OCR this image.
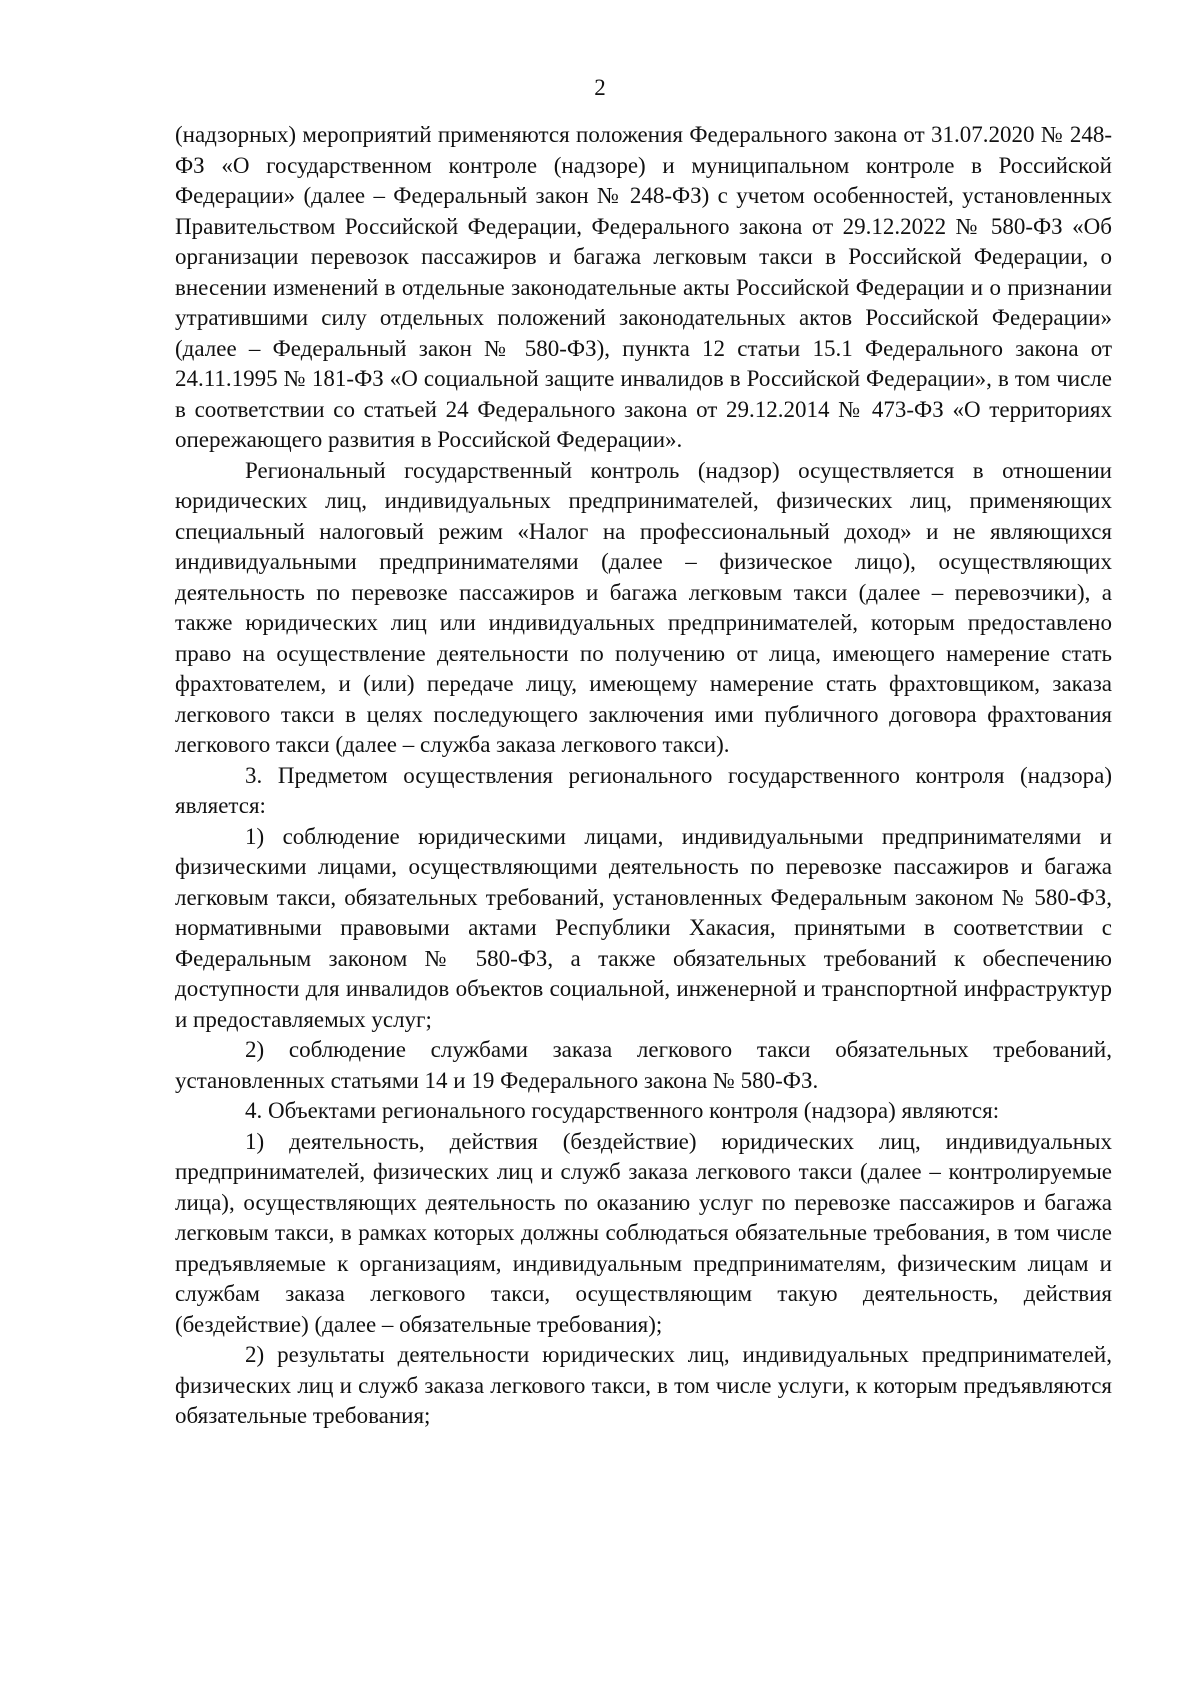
2

(надзорных) мероприятий применяются положения Федерального закона от 31.07.2020 № 248-ФЗ «О государственном контроле (надзоре) и муниципальном контроле в Российской Федерации» (далее – Федеральный закон № 248-ФЗ) с учетом особенностей, установленных Правительством Российской Федерации, Федерального закона от 29.12.2022 № 580-ФЗ «Об организации перевозок пассажиров и багажа легковым такси в Российской Федерации, о внесении изменений в отдельные законодательные акты Российской Федерации и о признании утратившими силу отдельных положений законодательных актов Российской Федерации» (далее – Федеральный закон № 580-ФЗ), пункта 12 статьи 15.1 Федерального закона от 24.11.1995 № 181-ФЗ «О социальной защите инвалидов в Российской Федерации», в том числе в соответствии со статьей 24 Федерального закона от 29.12.2014 № 473-ФЗ «О территориях опережающего развития в Российской Федерации».

Региональный государственный контроль (надзор) осуществляется в отношении юридических лиц, индивидуальных предпринимателей, физических лиц, применяющих специальный налоговый режим «Налог на профессиональный доход» и не являющихся индивидуальными предпринимателями (далее – физическое лицо), осуществляющих деятельность по перевозке пассажиров и багажа легковым такси (далее – перевозчики), а также юридических лиц или индивидуальных предпринимателей, которым предоставлено право на осуществление деятельности по получению от лица, имеющего намерение стать фрахтователем, и (или) передаче лицу, имеющему намерение стать фрахтовщиком, заказа легкового такси в целях последующего заключения ими публичного договора фрахтования легкового такси (далее – служба заказа легкового такси).

3. Предметом осуществления регионального государственного контроля (надзора) является:

1) соблюдение юридическими лицами, индивидуальными предпринимателями и физическими лицами, осуществляющими деятельность по перевозке пассажиров и багажа легковым такси, обязательных требований, установленных Федеральным законом № 580-ФЗ, нормативными правовыми актами Республики Хакасия, принятыми в соответствии с Федеральным законом № 580-ФЗ, а также обязательных требований к обеспечению доступности для инвалидов объектов социальной, инженерной и транспортной инфраструктур и предоставляемых услуг;

2) соблюдение службами заказа легкового такси обязательных требований, установленных статьями 14 и 19 Федерального закона № 580-ФЗ.

4. Объектами регионального государственного контроля (надзора) являются:

1) деятельность, действия (бездействие) юридических лиц, индивидуальных предпринимателей, физических лиц и служб заказа легкового такси (далее – контролируемые лица), осуществляющих деятельность по оказанию услуг по перевозке пассажиров и багажа легковым такси, в рамках которых должны соблюдаться обязательные требования, в том числе предъявляемые к организациям, индивидуальным предпринимателям, физическим лицам и службам заказа легкового такси, осуществляющим такую деятельность, действия (бездействие) (далее – обязательные требования);

2) результаты деятельности юридических лиц, индивидуальных предпринимателей, физических лиц и служб заказа легкового такси, в том числе услуги, к которым предъявляются обязательные требования;
